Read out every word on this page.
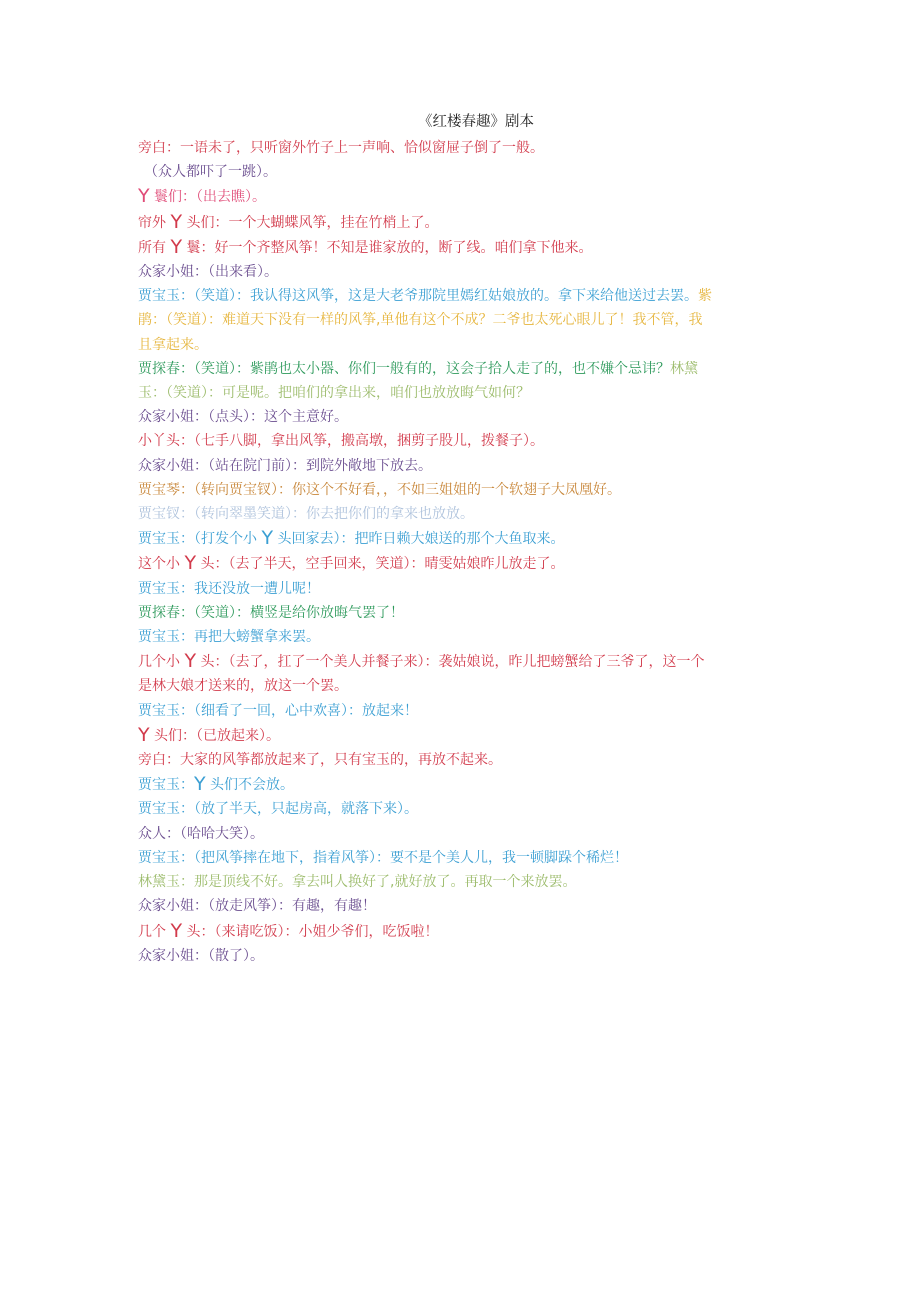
《红楼春趣》剧本
旁白：一语未了，只听窗外竹子上一声响、恰似窗屉子倒了一般。
（众人都吓了一跳）。
Y 鬟们：（出去瞧）。
帘外 Y 头们：一个大蝴蝶风筝，挂在竹梢上了。
所有 Y 鬟：好一个齐整风筝！不知是谁家放的，断了线。咱们拿下他来。
众家小姐：（出来看）。
贾宝玉：（笑道）：我认得这风筝，这是大老爷那院里嫣红姑娘放的。拿下来给他送过去罢。紫
鹃：（笑道）：难道天下没有一样的风筝,单他有这个不成？二爷也太死心眼儿了！我不管，我
且拿起来。
贾探春：（笑道）：紫鹃也太小器、你们一般有的，这会子拾人走了的，也不嫌个忌讳？林黛
玉：（笑道）：可是呢。把咱们的拿出来，咱们也放放晦气如何？
众家小姐：（点头）：这个主意好。
小丫头：（七手八脚，拿出风筝，搬高墩，捆剪子股儿，拨餐子）。
众家小姐：（站在院门前）：到院外敞地下放去。
贾宝琴：（转向贾宝钗）：你这个不好看，，不如三姐姐的一个软翅子大凤凰好。
贾宝钗：（转向翠墨笑道）：你去把你们的拿来也放放。
贾宝玉：（打发个小 Y 头回家去）：把昨日赖大娘送的那个大鱼取来。
这个小 Y 头：（去了半天，空手回来，笑道）：晴雯姑娘昨儿放走了。
贾宝玉：我还没放一遭儿呢！
贾探春：（笑道）：横竖是给你放晦气罢了！
贾宝玉：再把大螃蟹拿来罢。
几个小 Y 头：（去了，扛了一个美人并餐子来）：袭姑娘说，昨儿把螃蟹给了三爷了，这一个
是林大娘才送来的，放这一个罢。
贾宝玉：（细看了一回，心中欢喜）：放起来！
Y 头们：（已放起来）。
旁白：大家的风筝都放起来了，只有宝玉的，再放不起来。
贾宝玉：Y 头们不会放。
贾宝玉：（放了半天，只起房高，就落下来）。
众人：（哈哈大笑）。
贾宝玉：（把风筝摔在地下，指着风筝）：要不是个美人儿，我一顿脚跺个稀烂！
林黛玉：那是顶线不好。拿去叫人换好了,就好放了。再取一个来放罢。
众家小姐：（放走风筝）：有趣，有趣！
几个 Y 头：（来请吃饭）：小姐少爷们，吃饭啦！
众家小姐：（散了）。
